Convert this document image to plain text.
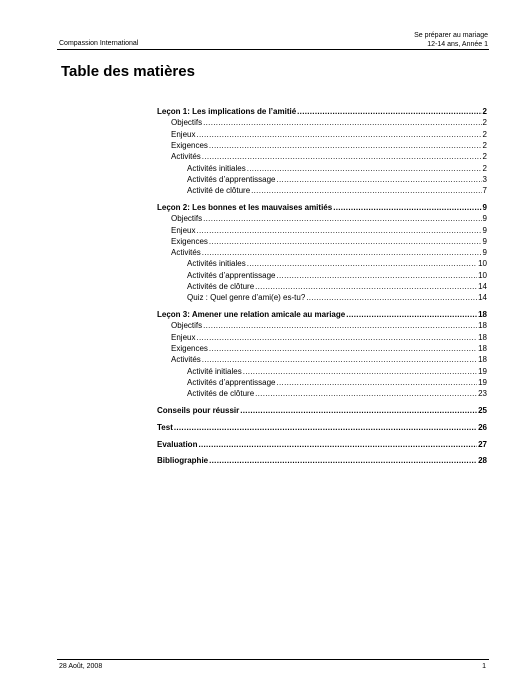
Compassion International
Se préparer au mariage
12-14 ans, Année 1
Table des matières
Leçon 1: Les implications de l’amitié .....	2
Objectifs .....	2
Enjeux .....	2
Exigences .....	2
Activités .....	2
Activités initiales .....	2
Activités d’apprentissage .....	3
Activité de clôture .....	7
Leçon 2: Les bonnes et les mauvaises amitiés .....	9
Objectifs .....	9
Enjeux .....	9
Exigences .....	9
Activités .....	9
Activités initiales .....	10
Activités d’apprentissage .....	10
Activités de clôture .....	14
Quiz : Quel genre d’ami(e) es-tu? .....	14
Leçon 3: Amener une relation amicale au mariage .....	18
Objectifs .....	18
Enjeux .....	18
Exigences .....	18
Activités .....	18
Activité initiales .....	19
Activités d’apprentissage .....	19
Activités de clôture .....	23
Conseils pour réussir .....	25
Test .....	26
Evaluation .....	27
Bibliographie .....	28
28 Août, 2008	1
